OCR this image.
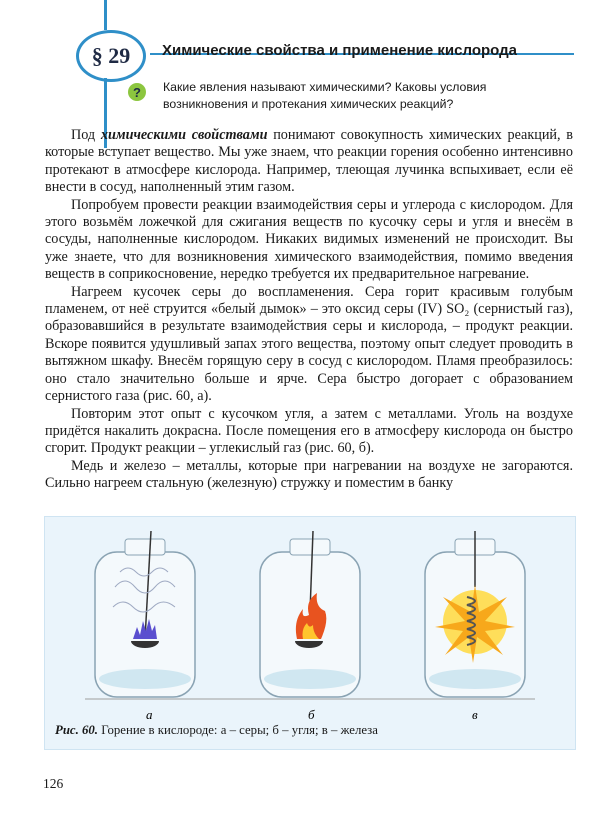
§ 29	Химические свойства и применение кислорода
?	Какие явления называют химическими? Каковы условия возникновения и протекания химических реакций?

Под химическими свойствами понимают совокупность химических реакций, в которые вступает вещество. Мы уже знаем, что реакции горения особенно интенсивно протекают в атмосфере кислорода. Например, тлеющая лучинка вспыхивает, если её внести в сосуд, наполненный этим газом.

Попробуем провести реакции взаимодействия серы и углерода с кислородом. Для этого возьмём ложечкой для сжигания веществ по кусочку серы и угля и внесём в сосуды, наполненные кислородом. Никаких видимых изменений не происходит. Вы уже знаете, что для возникновения химического взаимодействия, помимо введения веществ в соприкосновение, нередко требуется их предварительное нагревание.

Нагреем кусочек серы до воспламенения. Сера горит красивым голубым пламенем, от неё струится «белый дымок» – это оксид серы (IV) SO₂ (сернистый газ), образовавшийся в результате взаимодействия серы и кислорода, – продукт реакции. Вскоре появится удушливый запах этого вещества, поэтому опыт следует проводить в вытяжном шкафу. Внесём горящую серу в сосуд с кислородом. Пламя преобразилось: оно стало значительно больше и ярче. Сера быстро догорает с образованием сернистого газа (рис. 60, а).

Повторим этот опыт с кусочком угля, а затем с металлами. Уголь на воздухе придётся накалить докрасна. После помещения его в атмосферу кислорода он быстро сгорит. Продукт реакции – углекислый газ (рис. 60, б).

Медь и железо – металлы, которые при нагревании на воздухе не загораются. Сильно нагреем стальную (железную) стружку и поместим в банку

а	б	в
Рис. 60. Горение в кислороде: а – серы; б – угля; в – железа
126
